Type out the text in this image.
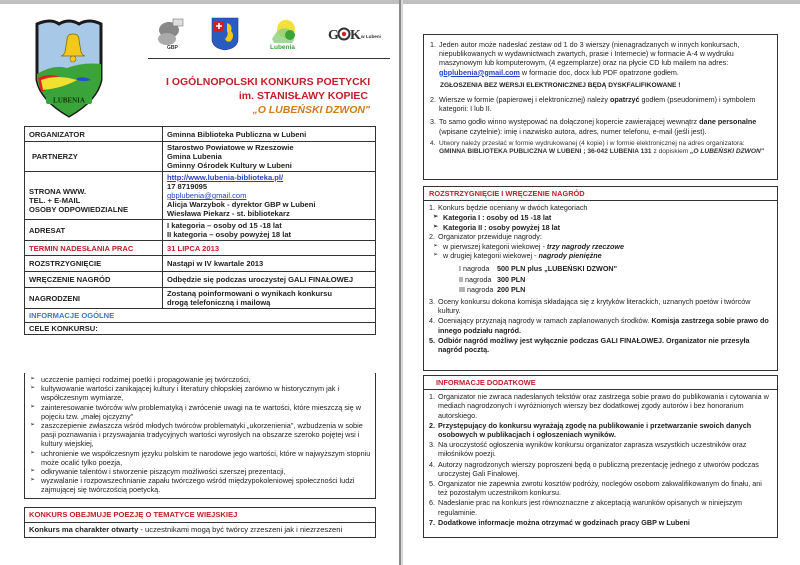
LUBENIA
GBP	Lubenia
G K w Lubeni
I OGÓLNOPOLSKI KONKURS POETYCKI
im. STANISŁAWY KOPIEC
„O LUBEŃSKI DZWON"
ORGANIZATOR	Gminna Biblioteka Publiczna w Lubeni

PARTNERZY	Starostwo Powiatowe w Rzeszowie
Gmina Lubenia
Gminny Ośrodek Kultury w Lubeni

STRONA WWW.
TEL. + E-MAIL
OSOBY ODPOWIEDZIALNE	http://www.lubenia-biblioteka.pl/
17 8719095
gbplubenia@gmail.com
Alicja Warzybok - dyrektor GBP w Lubeni
Wiesława Piekarz - st. bibliotekarz

ADRESAT	I kategoria – osoby od 15 -18 lat
II kategoria – osoby powyżej 18 lat

TERMIN NADESŁANIA PRAC	31 LIPCA 2013

ROZSTRZYGNIĘCIE	Nastąpi w IV kwartale 2013

WRĘCZENIE NAGRÓD	Odbędzie się podczas uroczystej GALI FINAŁOWEJ

NAGRODZENI	Zostaną poinformowani o wynikach konkursu
drogą telefoniczną i mailową

INFORMACJE OGÓLNE	
CELE KONKURSU:	
➢ uczczenie pamięci rodzimej poetki i propagowanie jej twórczości,
➢ kultywowanie wartości zanikającej kultury i literatury chłopskiej zarówno w historycznym jak i współczesnym wymiarze,
➢ zainteresowanie twórców w/w problematyką i zwrócenie uwagi na te wartości, które mieszczą się w pojęciu tzw. „małej ojczyzny"
➢ zaszczepienie zwłaszcza wśród młodych twórców problematyki „ukorzenienia", wzbudzenia w sobie pasji poznawania i przyswajania tradycyjnych wartości wyrosłych na obszarze szeroko pojętej wsi i kultury wiejskiej,
➢ uchronienie we współczesnym języku polskim te narodowe jego wartości, które w najwyższym stopniu może ocalić tylko poezja,
➢ odkrywanie talentów i stworzenie piszącym możliwości szerszej prezentacji,
➢ wyzwalanie i rozpowszechnianie zapału twórczego wśród międzypokoleniowej społeczności ludzi zajmującej się twórczością poetycką.
KONKURS OBEJMUJE POEZJĘ O TEMATYCE WIEJSKIEJ
Konkurs ma charakter otwarty - uczestnikami mogą być twórcy zrzeszeni jak i niezrzeszeni
1. Jeden autor może nadesłać zestaw od 1 do 3 wierszy (nienagradzanych w innych konkursach, niepublikowanych w wydawnictwach zwartych, prasie i Internecie) w formacie A-4 w wydruku maszynowym lub komputerowym, (4 egzemplarze) oraz na płycie CD lub mailem na adres: gbplubenia@gmail.com w formacie doc, docx lub PDF opatrzone godłem.
ZGŁOSZENIA BEZ WERSJI ELEKTRONICZNEJ BĘDĄ DYSKFALIFIKOWANE !
2. Wiersze w formie (papierowej i elektronicznej) należy opatrzyć godłem (pseudonimem) i symbolem kategorii: I lub II.
3. To samo godło winno występować na dołączonej kopercie zawierającej wewnątrz dane personalne (wpisane czytelnie): imię i nazwisko autora, adres, numer telefonu, e-mail (jeśli jest).
4. Utwory należy przesłać w formie wydrukowanej (4 kopie) i w formie elektronicznej na adres organizatora: GMINNA BIBLIOTEKA PUBLICZNA W LUBENI ; 36-042 LUBENIA 131 z dopiskiem „O LUBEŃSKI DZWON"
ROZSTRZYGNIĘCIE I WRĘCZENIE NAGRÓD
1. Konkurs będzie oceniany w dwóch kategoriach
➢ Kategoria I : osoby od 15 -18 lat
➢ Kategoria II : osoby powyżej 18 lat
2. Organizator przewiduje nagrody:
➢ w pierwszej kategorii wiekowej - trzy nagrody rzeczowe
➢ w drugiej kategorii wiekowej - nagrody pieniężne
I nagroda 500 PLN plus „LUBEŃSKI DZWON"
II nagroda 300 PLN
III nagroda 200 PLN
3. Oceny konkursu dokona komisja składająca się z krytyków literackich, uznanych poetów i twórców kultury.
4. Oceniający przyznają nagrody w ramach zaplanowanych środków. Komisja zastrzega sobie prawo do innego podziału nagród.
5. Odbiór nagród możliwy jest wyłącznie podczas GALI FINAŁOWEJ. Organizator nie przesyła nagród pocztą.
INFORMACJE DODATKOWE
1. Organizator nie zwraca nadesłanych tekstów oraz zastrzega sobie prawo do publikowania i cytowania w mediach nagrodzonych i wyróżnionych wierszy bez dodatkowej zgody autorów i bez honorarium autorskiego.
2. Przystępujący do konkursu wyrażają zgodę na publikowanie i przetwarzanie swoich danych osobowych w publikacjach i ogłoszeniach wyników.
3. Na uroczystość ogłoszenia wyników konkursu organizator zaprasza wszystkich uczestników oraz miłośników poezji.
4. Autorzy nagrodzonych wierszy poproszeni będą o publiczną prezentację jednego z utworów podczas uroczystej Gali Finałowej.
5. Organizator nie zapewnia zwrotu kosztów podróży, noclegów osobom zakwalifikowanym do finału, ani też pozostałym uczestnikom konkursu.
6. Nadesłanie prac na konkurs jest równoznaczne z akceptacją warunków opisanych w niniejszym regulaminie.
7. Dodatkowe informacje można otrzymać w godzinach pracy GBP w Lubeni
